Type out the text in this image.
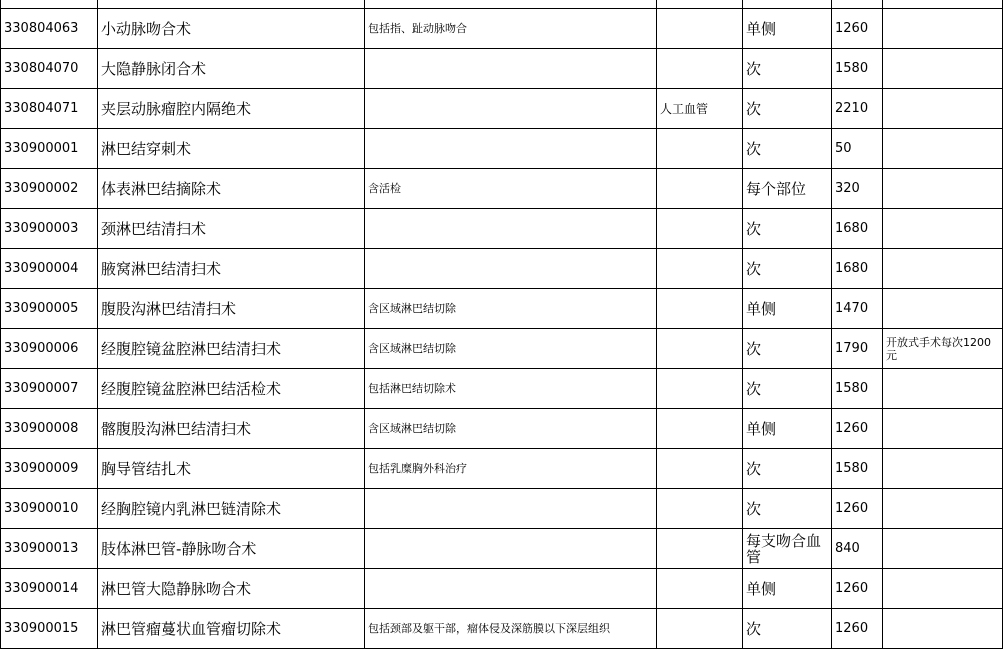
330804063	小动脉吻合术	包括指、趾动脉吻合		单侧	1260	
330804070	大隐静脉闭合术			次	1580	
330804071	夹层动脉瘤腔内隔绝术		人工血管	次	2210	
330900001	淋巴结穿刺术			次	50	
330900002	体表淋巴结摘除术	含活检		每个部位	320	
330900003	颈淋巴结清扫术			次	1680	
330900004	腋窝淋巴结清扫术			次	1680	
330900005	腹股沟淋巴结清扫术	含区域淋巴结切除		单侧	1470	
330900006	经腹腔镜盆腔淋巴结清扫术	含区域淋巴结切除		次	1790	开放式手术每次1200元
330900007	经腹腔镜盆腔淋巴结活检术	包括淋巴结切除术		次	1580	
330900008	髂腹股沟淋巴结清扫术	含区域淋巴结切除		单侧	1260	
330900009	胸导管结扎术	包括乳糜胸外科治疗		次	1580	
330900010	经胸腔镜内乳淋巴链清除术			次	1260	
330900013	肢体淋巴管-静脉吻合术			每支吻合血管	840	
330900014	淋巴管大隐静脉吻合术			单侧	1260	
330900015	淋巴管瘤蔓状血管瘤切除术	包括颈部及躯干部，瘤体侵及深筋膜以下深层组织		次	1260	
